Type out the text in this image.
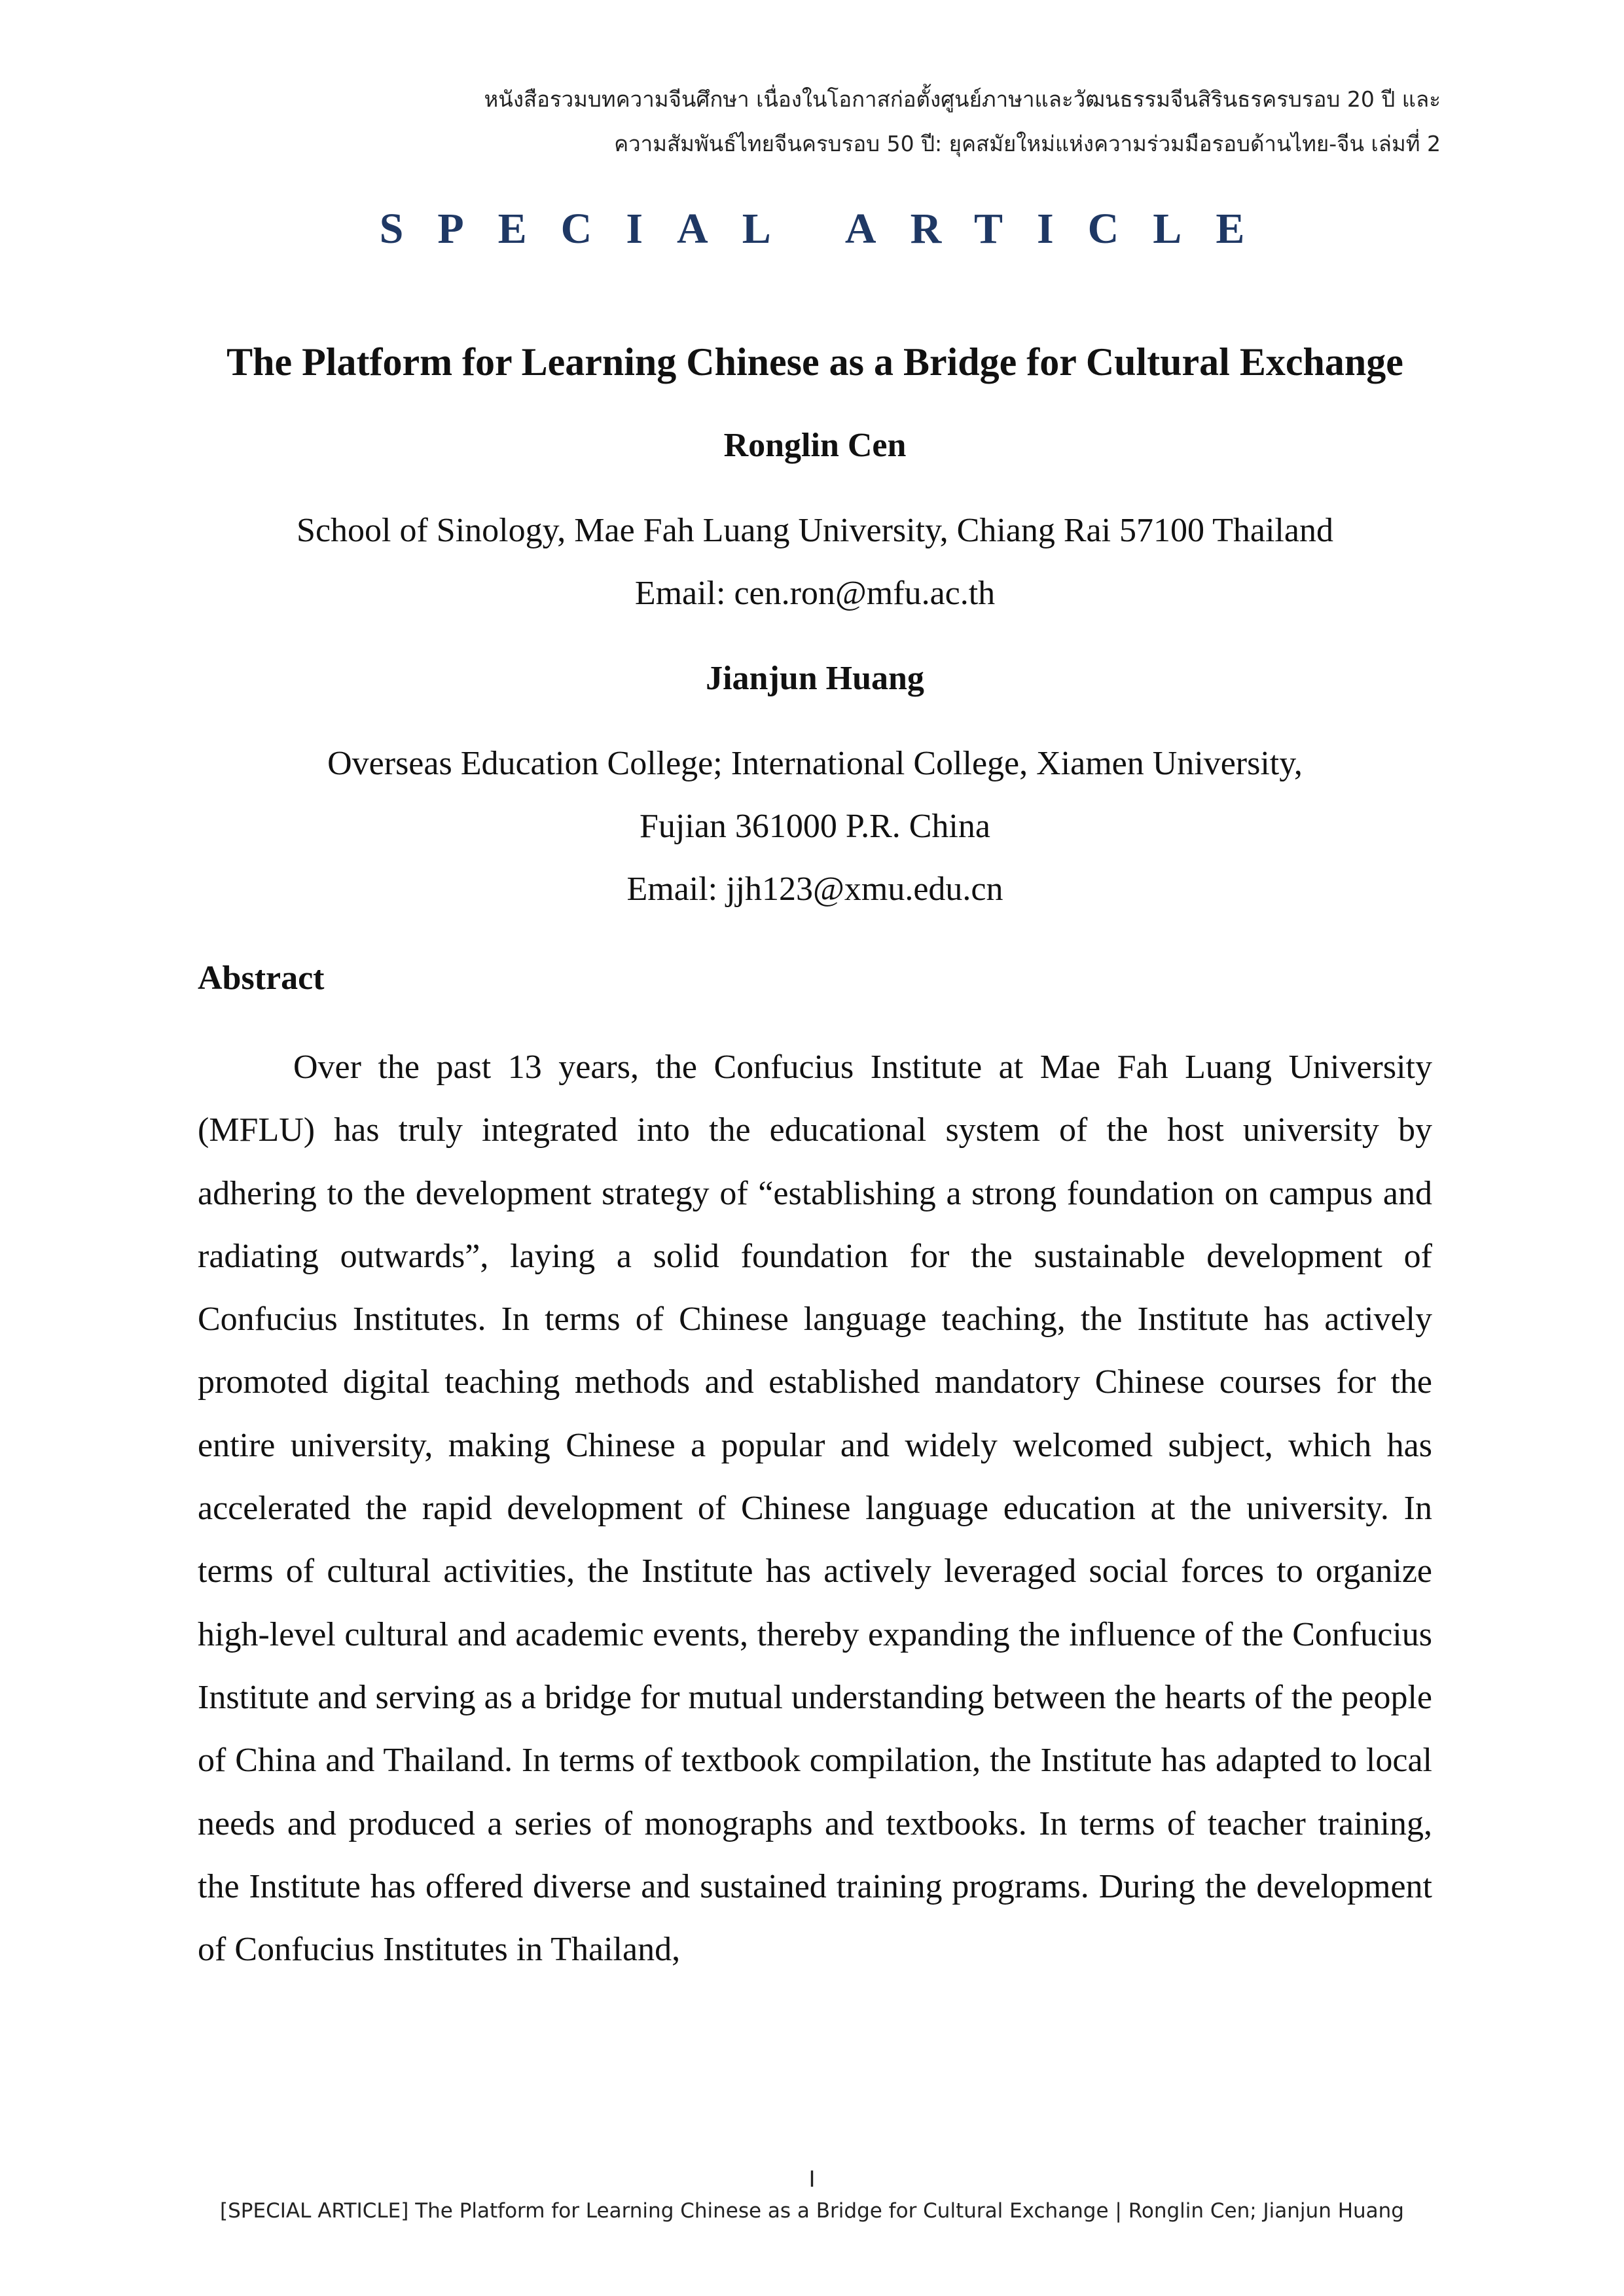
หนังสือรวมบทความจีนศึกษา เนื่องในโอกาสก่อตั้งศูนย์ภาษาและวัฒนธรรมจีนสิรินธรครบรอบ 20 ปี และ
ความสัมพันธ์ไทยจีนครบรอบ 50 ปี: ยุคสมัยใหม่แห่งความร่วมมือรอบด้านไทย-จีน เล่มที่ 2
SPECIAL ARTICLE
The Platform for Learning Chinese as a Bridge for Cultural Exchange
Ronglin Cen
School of Sinology, Mae Fah Luang University, Chiang Rai 57100 Thailand
Email: cen.ron@mfu.ac.th
Jianjun Huang
Overseas Education College; International College, Xiamen University,
Fujian 361000 P.R. China
Email: jjh123@xmu.edu.cn
Abstract

Over the past 13 years, the Confucius Institute at Mae Fah Luang University (MFLU) has truly integrated into the educational system of the host university by adhering to the development strategy of “establishing a strong foundation on campus and radiating outwards”, laying a solid foundation for the sustainable development of Confucius Institutes. In terms of Chinese language teaching, the Institute has actively promoted digital teaching methods and established mandatory Chinese courses for the entire university, making Chinese a popular and widely welcomed subject, which has accelerated the rapid development of Chinese language education at the university. In terms of cultural activities, the Institute has actively leveraged social forces to organize high-level cultural and academic events, thereby expanding the influence of the Confucius Institute and serving as a bridge for mutual understanding between the hearts of the people of China and Thailand. In terms of textbook compilation, the Institute has adapted to local needs and produced a series of monographs and textbooks. In terms of teacher training, the Institute has offered diverse and sustained training programs. During the development of Confucius Institutes in Thailand,

I
[SPECIAL ARTICLE] The Platform for Learning Chinese as a Bridge for Cultural Exchange | Ronglin Cen; Jianjun Huang
